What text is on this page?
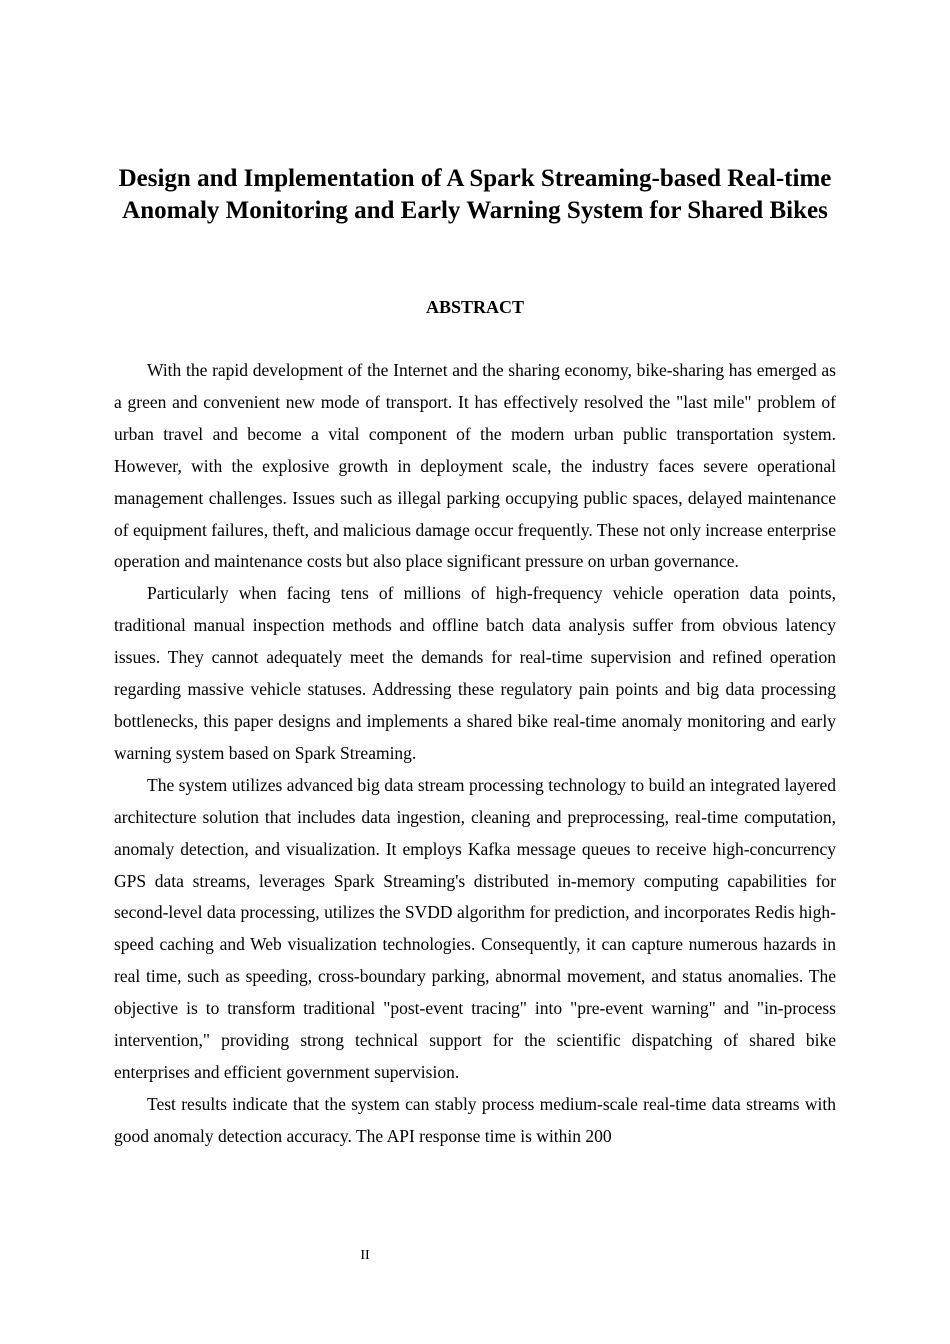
Design and Implementation of A Spark Streaming-based Real-time Anomaly Monitoring and Early Warning System for Shared Bikes
ABSTRACT

With the rapid development of the Internet and the sharing economy, bike-sharing has emerged as a green and convenient new mode of transport. It has effectively resolved the "last mile" problem of urban travel and become a vital component of the modern urban public transportation system. However, with the explosive growth in deployment scale, the industry faces severe operational management challenges. Issues such as illegal parking occupying public spaces, delayed maintenance of equipment failures, theft, and malicious damage occur frequently. These not only increase enterprise operation and maintenance costs but also place significant pressure on urban governance.

Particularly when facing tens of millions of high-frequency vehicle operation data points, traditional manual inspection methods and offline batch data analysis suffer from obvious latency issues. They cannot adequately meet the demands for real-time supervision and refined operation regarding massive vehicle statuses. Addressing these regulatory pain points and big data processing bottlenecks, this paper designs and implements a shared bike real-time anomaly monitoring and early warning system based on Spark Streaming.

The system utilizes advanced big data stream processing technology to build an integrated layered architecture solution that includes data ingestion, cleaning and preprocessing, real-time computation, anomaly detection, and visualization. It employs Kafka message queues to receive high-concurrency GPS data streams, leverages Spark Streaming's distributed in-memory computing capabilities for second-level data processing, utilizes the SVDD algorithm for prediction, and incorporates Redis high-speed caching and Web visualization technologies. Consequently, it can capture numerous hazards in real time, such as speeding, cross-boundary parking, abnormal movement, and status anomalies. The objective is to transform traditional "post-event tracing" into "pre-event warning" and "in-process intervention," providing strong technical support for the scientific dispatching of shared bike enterprises and efficient government supervision.

Test results indicate that the system can stably process medium-scale real-time data streams with good anomaly detection accuracy. The API response time is within 200

II
